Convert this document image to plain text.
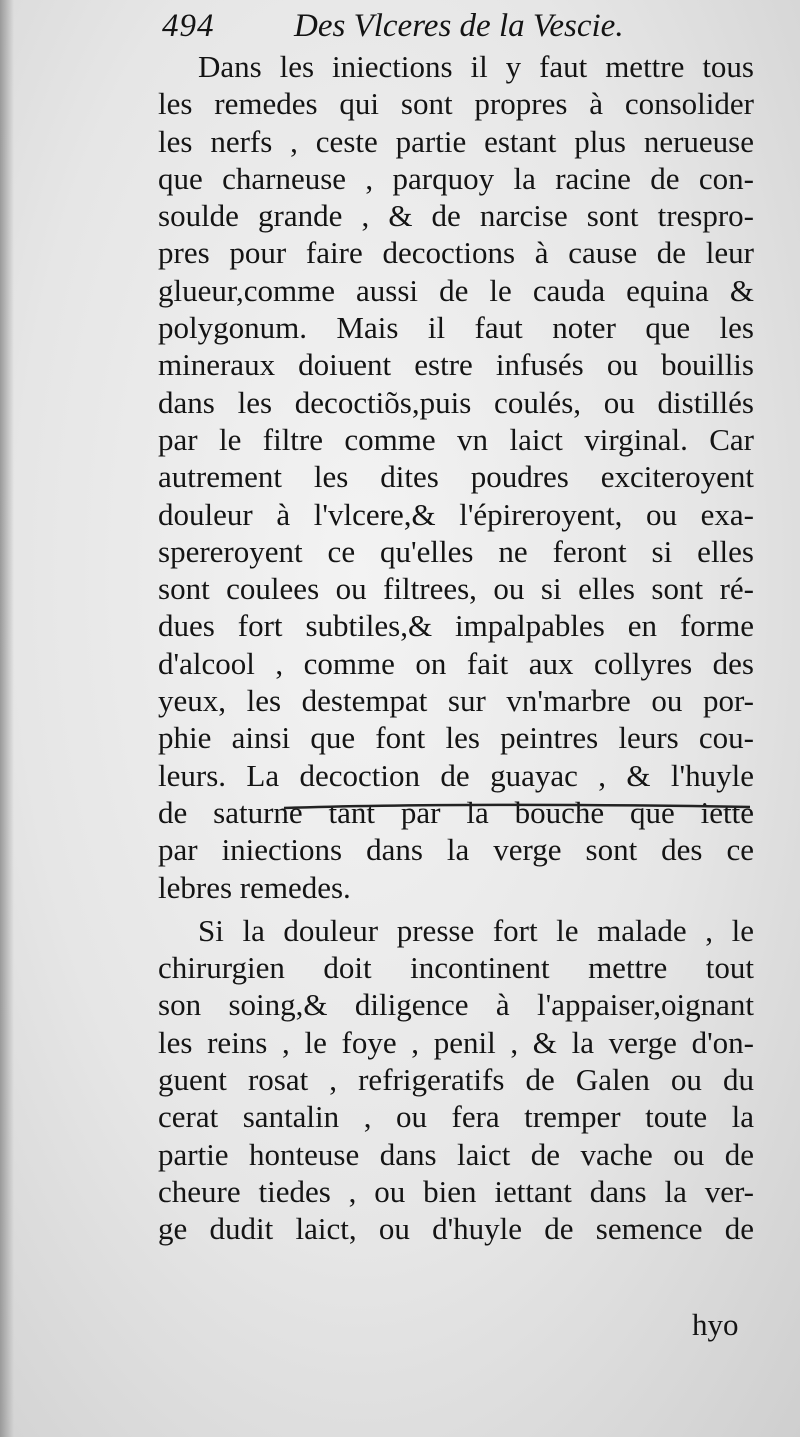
494 Des Vlceres de la Vescie.
Dans les iniections il y faut mettre tous
les remedes qui sont propres à consolider
les nerfs , ceste partie estant plus nerueuse
que charneuse , parquoy la racine de con-
soulde grande , & de narcise sont trespro-
pres pour faire decoctions à cause de leur
glueur,comme aussi de le cauda equina &
polygonum. Mais il faut noter que les
mineraux doiuent estre infusés ou bouillis
dans les decoctiõs,puis coulés, ou distillés
par le filtre comme vn laict virginal. Car
autrement les dites poudres exciteroyent
douleur à l'vlcere,& l'épireroyent, ou exa-
spereroyent ce qu'elles ne feront si elles
sont coulees ou filtrees, ou si elles sont ré-
dues fort subtiles,& impalpables en forme
d'alcool , comme on fait aux collyres des
yeux, les destempat sur vn'marbre ou por-
phie ainsi que font les peintres leurs cou-
leurs. La decoction de guayac , & l'huyle
de saturne tant par la bouche que iette
par iniections dans la verge sont des ce
lebres remedes.
Si la douleur presse fort le malade , le
chirurgien doit incontinent mettre tout
son soing,& diligence à l'appaiser,oignant
les reins , le foye , penil , & la verge d'on-
guent rosat , refrigeratifs de Galen ou du
cerat santalin , ou fera tremper toute la
partie honteuse dans laict de vache ou de
cheure tiedes , ou bien iettant dans la ver-
ge dudit laict, ou d'huyle de semence de
hyo
